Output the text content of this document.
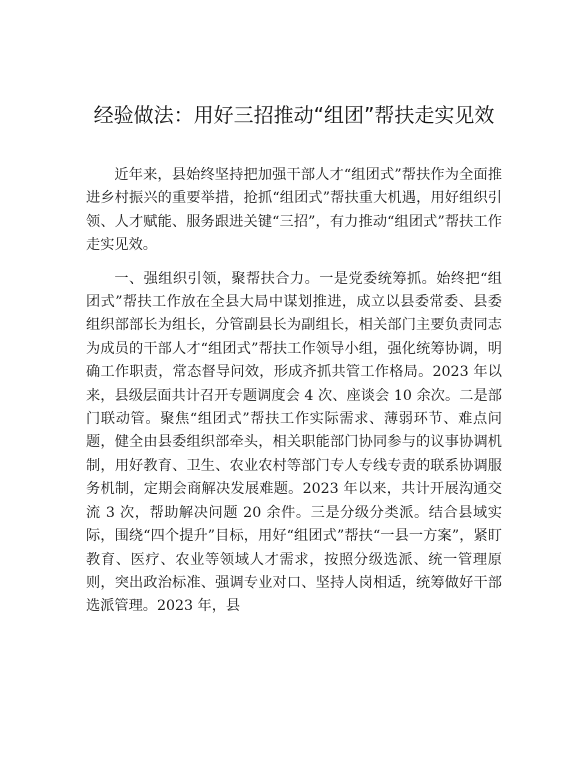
经验做法：用好三招推动“组团”帮扶走实见效

近年来，县始终坚持把加强干部人才“组团式”帮扶作为全面推进乡村振兴的重要举措，抢抓“组团式”帮扶重大机遇，用好组织引领、人才赋能、服务跟进关键“三招”，有力推动“组团式”帮扶工作走实见效。

一、强组织引领，聚帮扶合力。一是党委统筹抓。始终把“组团式”帮扶工作放在全县大局中谋划推进，成立以县委常委、县委组织部部长为组长，分管副县长为副组长，相关部门主要负责同志为成员的干部人才“组团式”帮扶工作领导小组，强化统筹协调，明确工作职责，常态督导问效，形成齐抓共管工作格局。2023 年以来，县级层面共计召开专题调度会 4 次、座谈会 10 余次。二是部门联动管。聚焦“组团式”帮扶工作实际需求、薄弱环节、难点问题，健全由县委组织部牵头，相关职能部门协同参与的议事协调机制，用好教育、卫生、农业农村等部门专人专线专责的联系协调服务机制，定期会商解决发展难题。2023 年以来，共计开展沟通交流 3 次，帮助解决问题 20 余件。三是分级分类派。结合县域实际，围绕“四个提升”目标，用好“组团式”帮扶“一县一方案”，紧盯教育、医疗、农业等领域人才需求，按照分级选派、统一管理原则，突出政治标准、强调专业对口、坚持人岗相适，统筹做好干部选派管理。2023 年，县
